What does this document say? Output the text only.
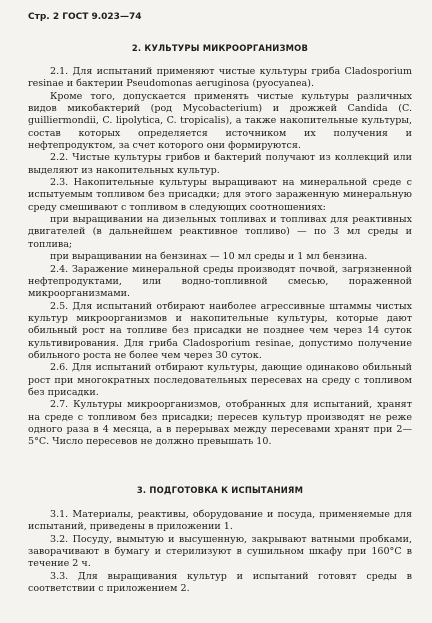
Стр. 2 ГОСТ 9.023—74
2. КУЛЬТУРЫ МИКРООРГАНИЗМОВ

2.1. Для испытаний применяют чистые культуры гриба Cladosporium resinae и бактерии Pseudomonas aeruginosa (pyocyanea).

Кроме того, допускается применять чистые культуры различных видов микобактерий (род Mycobacterium) и дрожжей Candida (C. guilliermondii, C. lipolytica, C. tropicalis), а также накопительные культуры, состав которых определяется источником их получения и нефтепродуктом, за счет которого они формируются.

2.2. Чистые культуры грибов и бактерий получают из коллекций или выделяют из накопительных культур.

2.3. Накопительные культуры выращивают на минеральной среде с испытуемым топливом без присадки; для этого зараженную минеральную среду смешивают с топливом в следующих соотношениях:

при выращивании на дизельных топливах и топливах для реактивных двигателей (в дальнейшем реактивное топливо) — по 3 мл среды и топлива;

при выращивании на бензинах — 10 мл среды и 1 мл бензина.

2.4. Заражение минеральной среды производят почвой, загрязненной нефтепродуктами, или водно-топливной смесью, пораженной микроорганизмами.

2.5. Для испытаний отбирают наиболее агрессивные штаммы чистых культур микроорганизмов и накопительные культуры, которые дают обильный рост на топливе без присадки не позднее чем через 14 суток культивирования. Для гриба Cladosporium resinae, допустимо получение обильного роста не более чем через 30 суток.

2.6. Для испытаний отбирают культуры, дающие одинаково обильный рост при многократных последовательных пересевах на среду с топливом без присадки.

2.7. Культуры микроорганизмов, отобранных для испытаний, хранят на среде с топливом без присадки; пересев культур производят не реже одного раза в 4 месяца, а в перерывах между пересевами хранят при 2—5°С. Число пересевов не должно превышать 10.

3. ПОДГОТОВКА К ИСПЫТАНИЯМ

3.1. Материалы, реактивы, оборудование и посуда, применяемые для испытаний, приведены в приложении 1.

3.2. Посуду, вымытую и высушенную, закрывают ватными пробками, заворачивают в бумагу и стерилизуют в сушильном шкафу при 160°С в течение 2 ч.

3.3. Для выращивания культур и испытаний готовят среды в соответствии с приложением 2.
